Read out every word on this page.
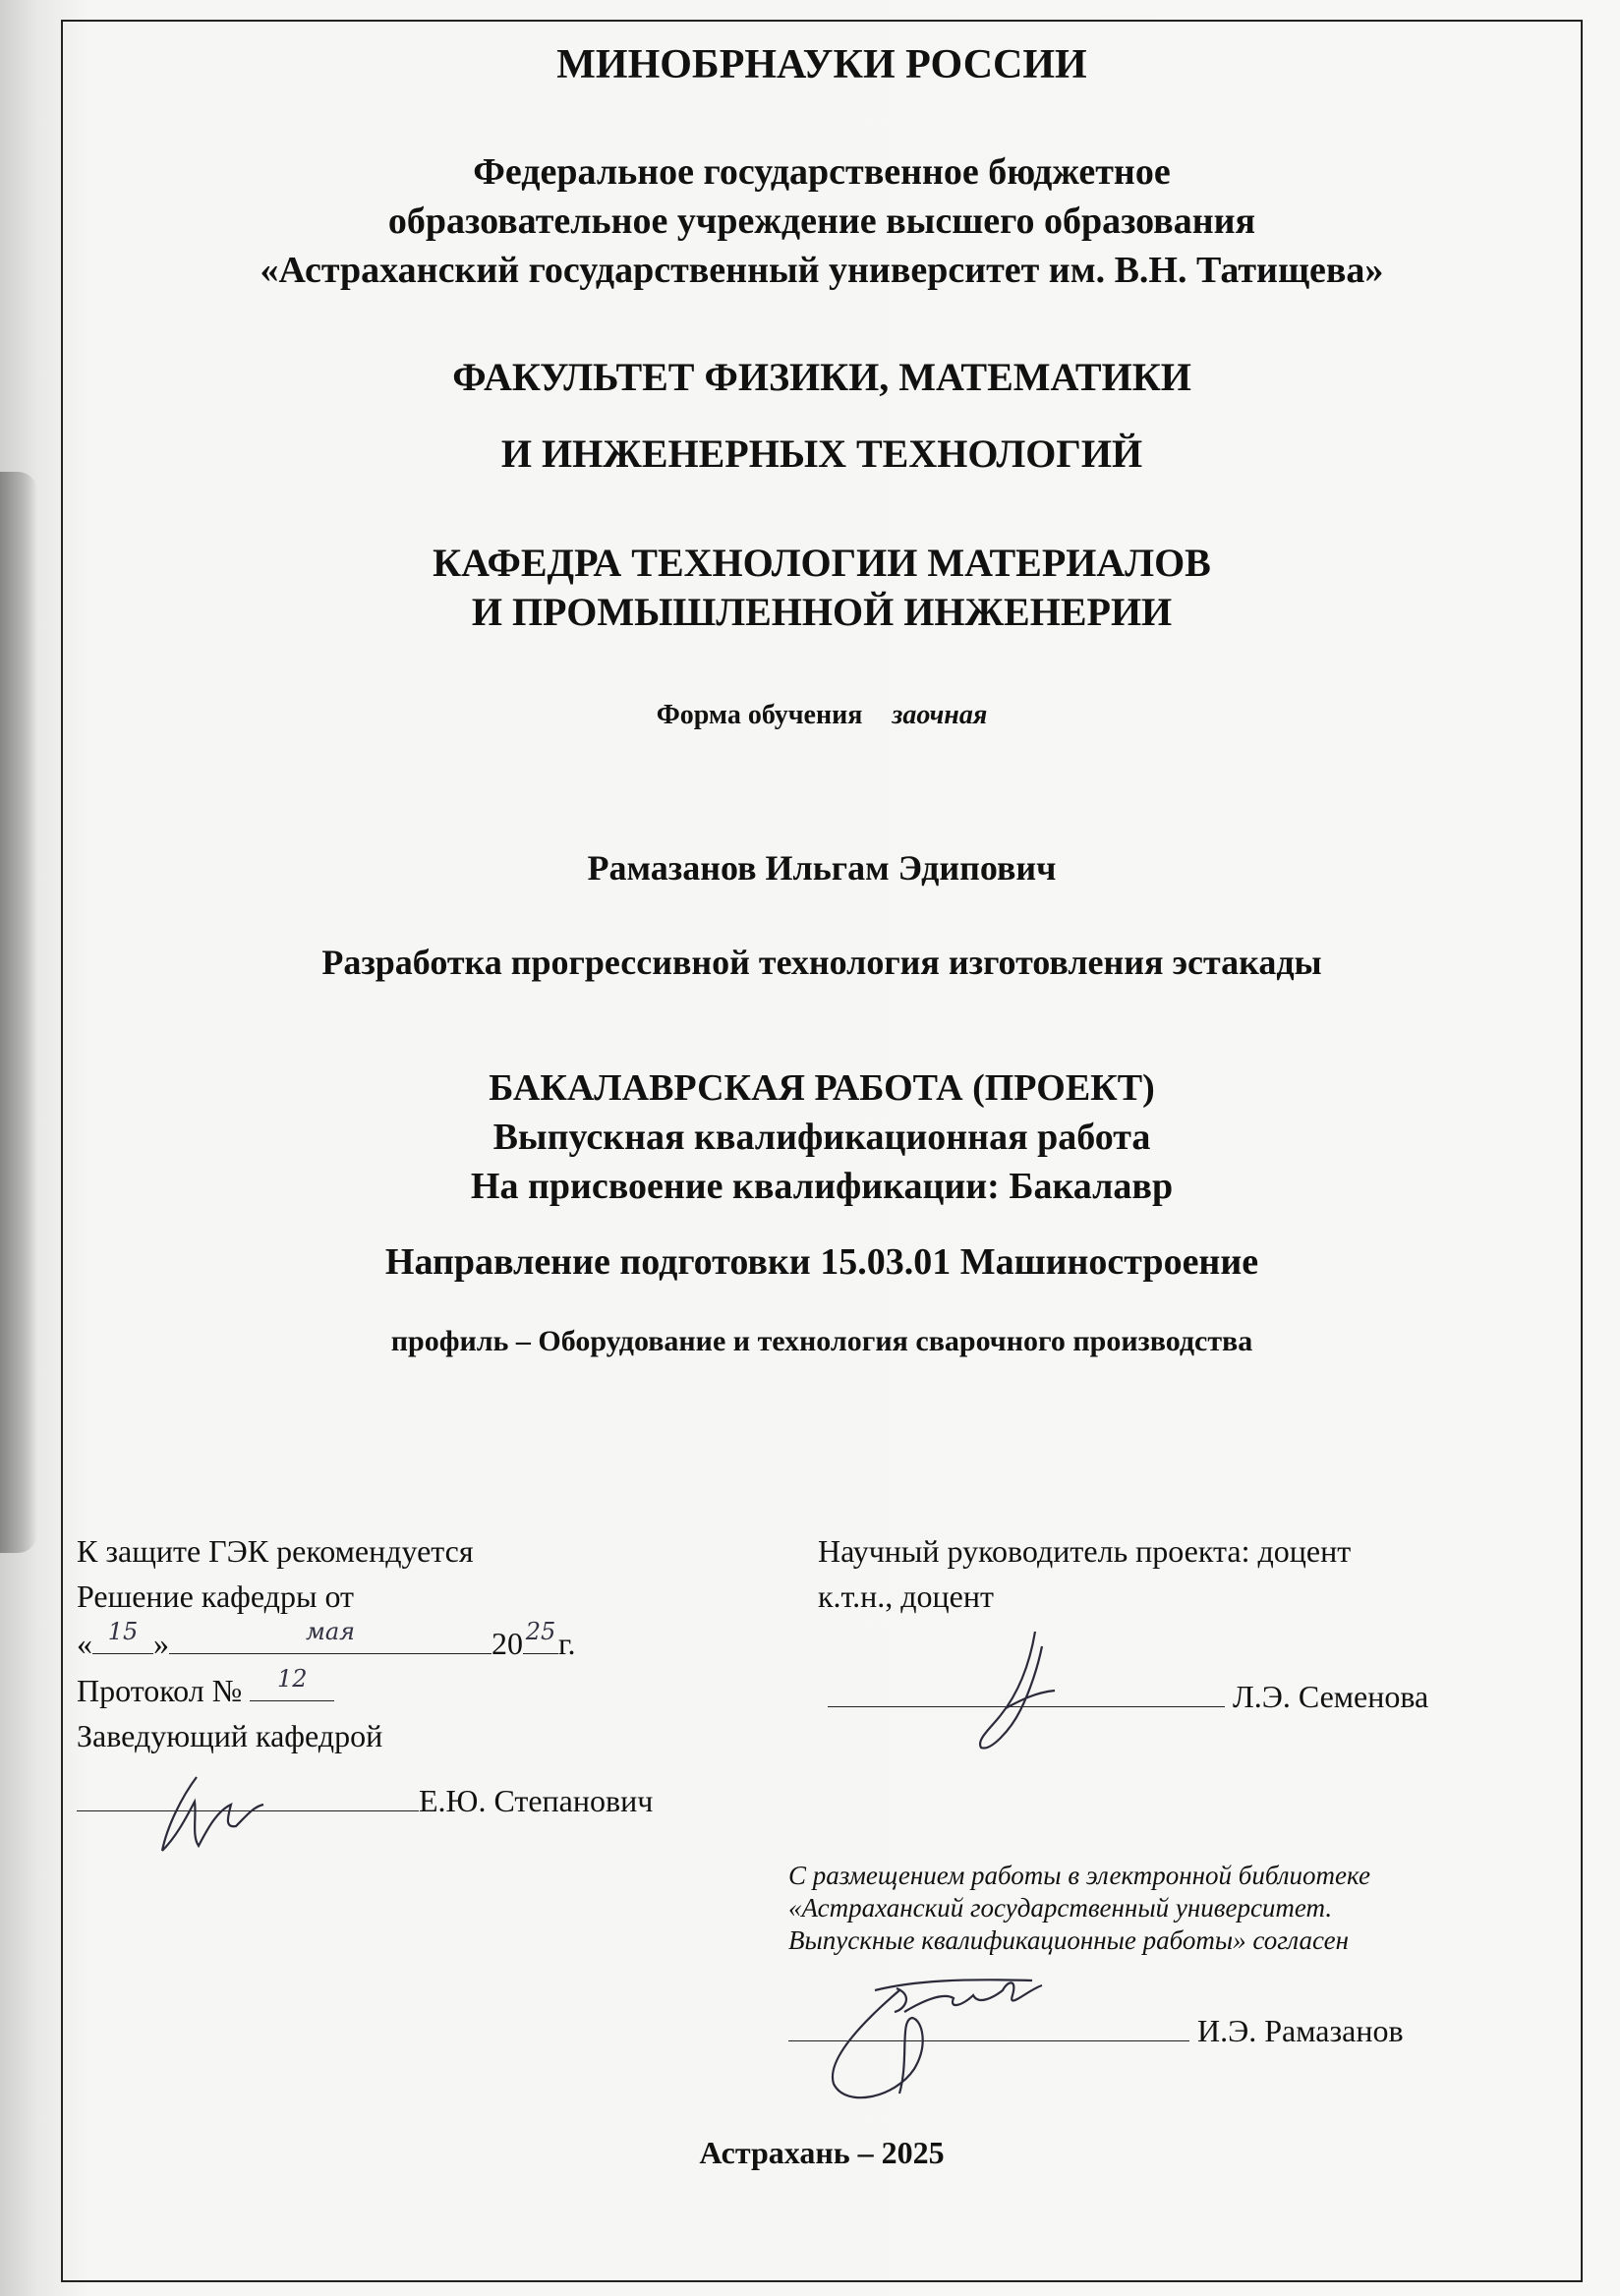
МИНОБРНАУКИ РОССИИ

Федеральное государственное бюджетное
образовательное учреждение высшего образования
«Астраханский государственный университет им. В.Н. Татищева»
ФАКУЛЬТЕТ ФИЗИКИ, МАТЕМАТИКИ
И ИНЖЕНЕРНЫХ ТЕХНОЛОГИЙ
КАФЕДРА ТЕХНОЛОГИИ МАТЕРИАЛОВ
И ПРОМЫШЛЕННОЙ ИНЖЕНЕРИИ

Форма обучения заочная

Рамазанов Ильгам Эдипович

Разработка прогрессивной технология изготовления эстакады

БАКАЛАВРСКАЯ РАБОТА (ПРОЕКТ)
Выпускная квалификационная работа
На присвоение квалификации: Бакалавр

Направление подготовки 15.03.01 Машиностроение

профиль – Оборудование и технология сварочного производства

К защите ГЭК рекомендуется
Решение кафедры от
« 15 »	мая	20 25 г.
Протокол №	12
Заведующий кафедрой
Е.Ю. Степанович
Научный руководитель проекта: доцент
к.т.н., доцент
Л.Э. Семенова
С размещением работы в электронной библиотеке
«Астраханский государственный университет.
Выпускные квалификационные работы» согласен
И.Э. Рамазанов

Астрахань – 2025
